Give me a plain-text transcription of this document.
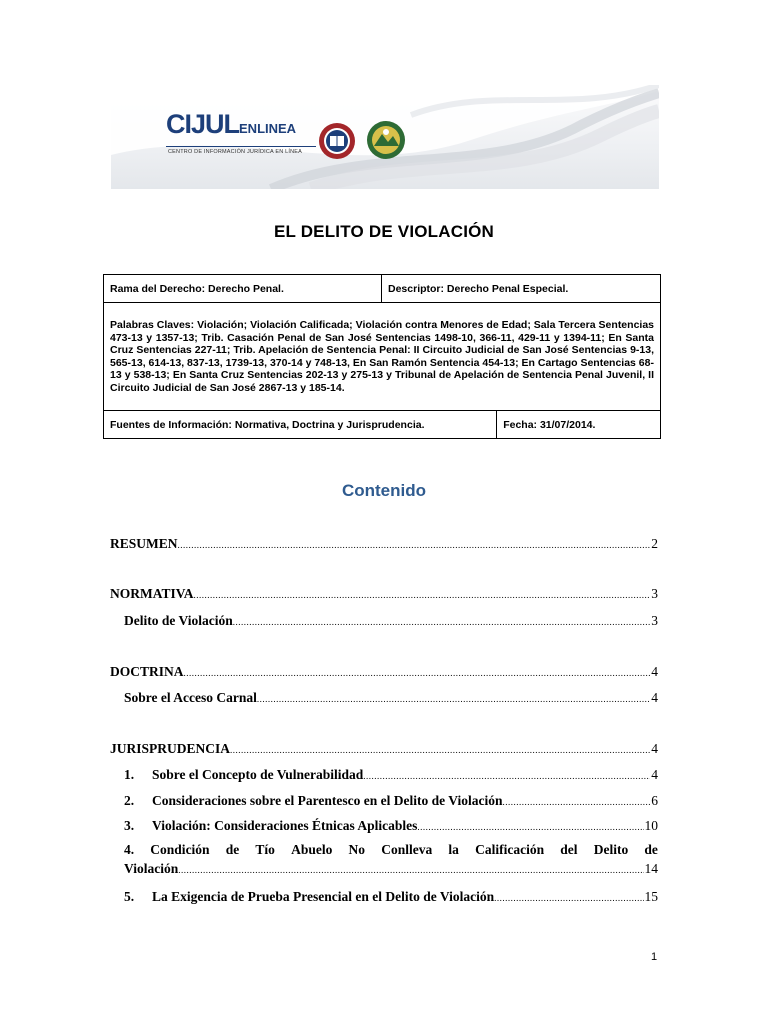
CIJULENLINEA
CENTRO DE INFORMACIÓN JURÍDICA EN LÍNEA
EL DELITO DE VIOLACIÓN
Rama del Derecho: Derecho Penal.	Descriptor: Derecho Penal Especial.	
Palabras Claves: Violación; Violación Calificada; Violación contra Menores de Edad; Sala Tercera Sentencias 473-13 y 1357-13; Trib. Casación Penal de San José Sentencias 1498-10, 366-11, 429-11 y 1394-11; En Santa Cruz Sentencias 227-11; Trib. Apelación de Sentencia Penal: II Circuito Judicial de San José Sentencias 9-13, 565-13, 614-13, 837-13, 1739-13, 370-14 y 748-13, En San Ramón Sentencia 454-13; En Cartago Sentencias 68-13 y 538-13; En Santa Cruz Sentencias 202-13 y 275-13 y Tribunal de Apelación de Sentencia Penal Juvenil, II Circuito Judicial de San José 2867-13 y 185-14.		
Fuentes de Información: Normativa, Doctrina y Jurisprudencia.		Fecha: 31/07/2014.
Contenido
RESUMEN .....	2
NORMATIVA .....	3
Delito de Violación .....	3
DOCTRINA .....	4
Sobre el Acceso Carnal .....	4
JURISPRUDENCIA .....	4
1. Sobre el Concepto de Vulnerabilidad .....	4
2. Consideraciones sobre el Parentesco en el Delito de Violación .....	6
3. Violación: Consideraciones Étnicas Aplicables .....	10
4. Condición de Tío Abuelo No Conlleva la Calificación del Delito de
Violación .....	14
5. La Exigencia de Prueba Presencial en el Delito de Violación .....	15
1
